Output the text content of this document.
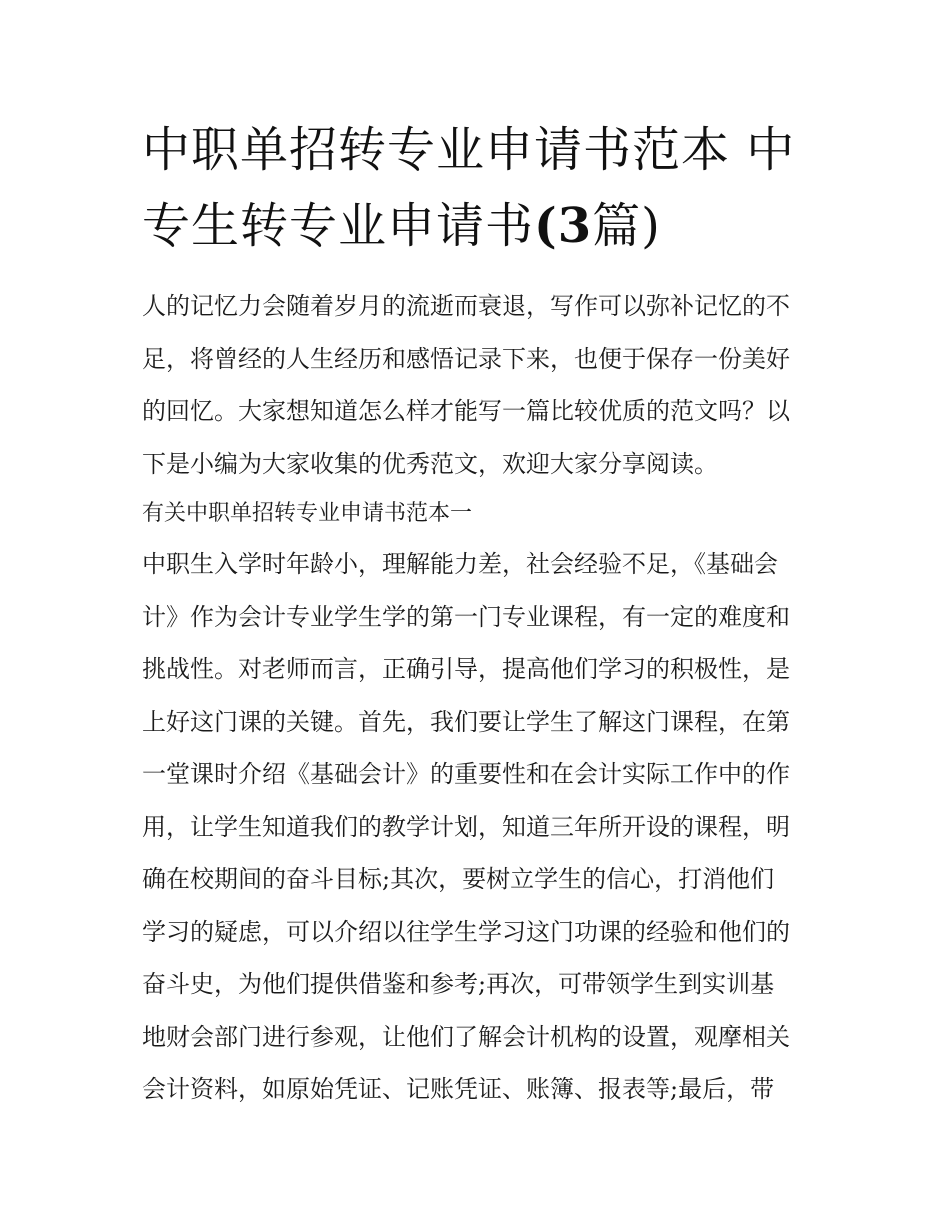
中职单招转专业申请书范本 中
专生转专业申请书(3篇)

人的记忆力会随着岁月的流逝而衰退，写作可以弥补记忆的不
足，将曾经的人生经历和感悟记录下来，也便于保存一份美好
的回忆。大家想知道怎么样才能写一篇比较优质的范文吗？以
下是小编为大家收集的优秀范文，欢迎大家分享阅读。

有关中职单招转专业申请书范本一

中职生入学时年龄小，理解能力差，社会经验不足，《基础会
计》作为会计专业学生学的第一门专业课程，有一定的难度和
挑战性。对老师而言，正确引导，提高他们学习的积极性，是
上好这门课的关键。首先，我们要让学生了解这门课程，在第
一堂课时介绍《基础会计》的重要性和在会计实际工作中的作
用，让学生知道我们的教学计划，知道三年所开设的课程，明
确在校期间的奋斗目标;其次，要树立学生的信心，打消他们
学习的疑虑，可以介绍以往学生学习这门功课的经验和他们的
奋斗史，为他们提供借鉴和参考;再次，可带领学生到实训基
地财会部门进行参观，让他们了解会计机构的设置，观摩相关
会计资料，如原始凭证、记账凭证、账簿、报表等;最后，带
